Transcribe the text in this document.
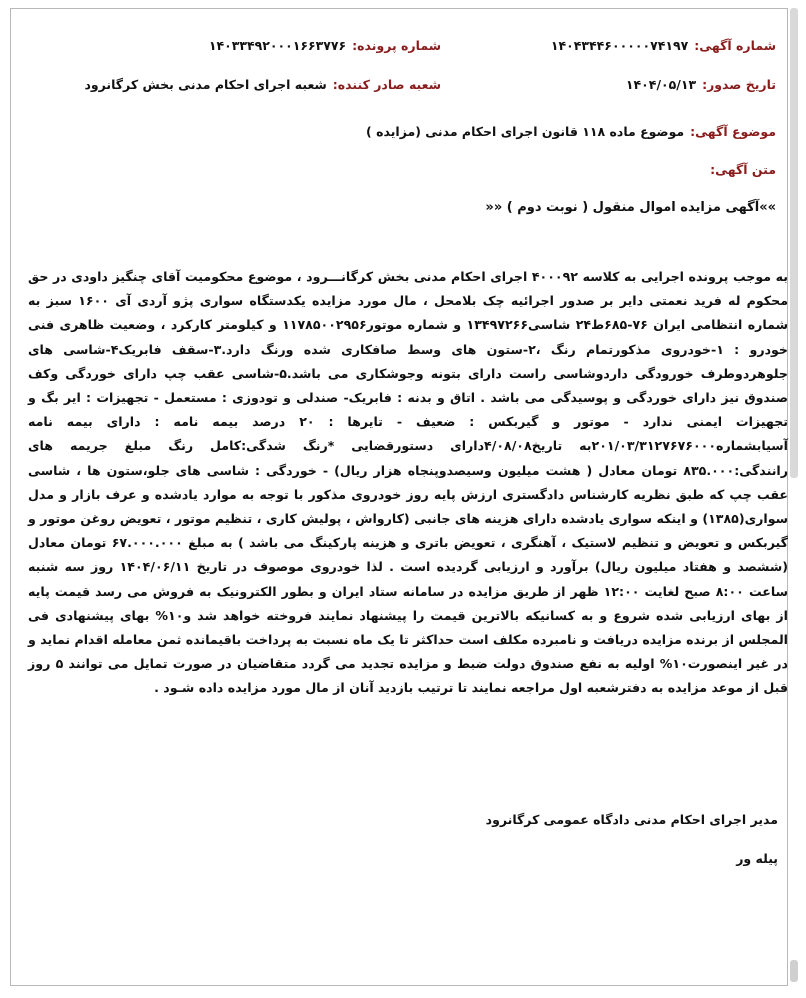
شماره آگهی:
۱۴۰۴۳۴۴۶۰۰۰۰۰۷۴۱۹۷
شماره پرونده:
۱۴۰۳۳۴۹۲۰۰۰۱۶۶۳۷۷۶
تاریخ صدور:
۱۴۰۴/۰۵/۱۳
شعبه صادر کننده:
شعبه اجرای احکام مدنی بخش کرگانرود
موضوع آگهی:
موضوع ماده ۱۱۸ قانون اجرای احکام مدنی (مزایده )
متن آگهی:
»»آگهی مزایده اموال منقول ( نوبت دوم ) ««

به موجب پرونده اجرایی به کلاسه ۴۰۰۰۹۲ اجرای احکام مدنی بخش کرگانـــرود ، موضوع محکومیت آقای چنگیز داودی در حق محکوم له فرید نعمتی دایر بر صدور اجرائیه چک بلامحل ، مال مورد مزایده یکدستگاه سواری پژو آردی آی ۱۶۰۰ سبز به شماره انتظامی ایران ۷۶-۶۸۵ط۲۴ شاسی۱۳۴۹۷۲۶۶ و شماره موتور۱۱۷۸۵۰۰۲۹۵۶ و کیلومتر کارکرد ، وضعیت ظاهری فنی خودرو : ۱-خودروی مذکورتمام رنگ ،۲-ستون های وسط صافکاری شده ورنگ دارد.۳-سقف فابریک۴-شاسی های جلوهردوطرف خورودگی داردوشاسی راست دارای بتونه وجوشکاری می باشد.۵-شاسی عقب چپ دارای خوردگی وکف صندوق نیز دارای خوردگی و پوسیدگی می باشد . اتاق و بدنه : فابریک- صندلی و تودوزی : مستعمل - تجهیزات : ایر بگ و تجهیزات ایمنی ندارد - موتور و گیربکس : ضعیف - تایرها : ۲۰ درصد بیمه نامه : دارای بیمه نامه آسیابشماره۲۰۱/۰۳/۳۱۲۷۶۷۶۰۰۰به تاریخ۴/۰۸/۰۸دارای دستورقضایی *رنگ شدگی:کامل رنگ مبلغ جریمه های رانندگی:۸۳۵.۰۰۰ تومان معادل ( هشت میلیون وسیصدوپنجاه هزار ریال) - خوردگی : شاسی های جلو،ستون ها ، شاسی عقب چپ که طبق نظریه کارشناس دادگستری ارزش پایه روز خودروی مذکور با توجه به موارد یادشده و عرف بازار و مدل سواری(۱۳۸۵) و اینکه سواری یادشده دارای هزینه های جانبی (کارواش ، پولیش کاری ، تنظیم موتور ، تعویض روغن موتور و گیربکس و تعویض و تنظیم لاستیک ، آهنگری ، تعویض باتری و هزینه پارکینگ می باشد ) به مبلغ ۶۷.۰۰۰.۰۰۰ تومان معادل (ششصد و هفتاد میلیون ریال) برآورد و ارزیابی گردیده است . لذا خودروی موصوف در تاریخ ۱۴۰۴/۰۶/۱۱ روز سه شنبه ساعت ۸:۰۰ صبح لغایت ۱۲:۰۰ ظهر از طریق مزایده در سامانه ستاد ایران و بطور الکترونیک به فروش می رسد قیمت پایه از بهای ارزیابی شده شروع و به کسانیکه بالاترین قیمت را پیشنهاد نمایند فروخته خواهد شد و۱۰% بهای پیشنهادی فی المجلس از برنده مزایده دریافت و نامبرده مکلف است حداکثر تا یک ماه نسبت به پرداخت باقیمانده ثمن معامله اقدام نماید و در غیر اینصورت۱۰% اولیه به نفع صندوق دولت ضبط و مزایده تجدید می گردد متقاضیان در صورت تمایل می توانند ۵ روز قبل از موعد مزایده به دفترشعبه اول مراجعه نمایند تا ترتیب بازدید آنان از مال مورد مزایده داده شـود .

مدیر اجرای احکام مدنی دادگاه عمومی کرگانرود
پیله ور
